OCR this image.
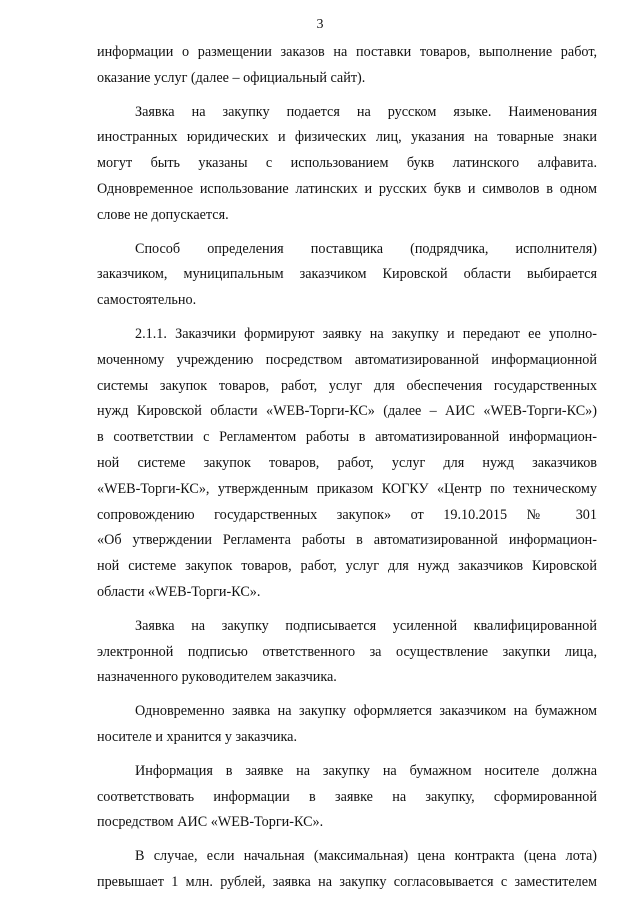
3
информации о размещении заказов на поставки товаров, выполнение работ,
оказание услуг (далее – официальный сайт).
Заявка на закупку подается на русском языке. Наименования
иностранных юридических и физических лиц, указания на товарные знаки
могут быть указаны с использованием букв латинского алфавита.
Одновременное использование латинских и русских букв и символов в одном
слове не допускается.
Способ определения поставщика (подрядчика, исполнителя)
заказчиком, муниципальным заказчиком Кировской области выбирается
самостоятельно.
2.1.1. Заказчики формируют заявку на закупку и передают ее уполно-
моченному учреждению посредством автоматизированной информационной
системы закупок товаров, работ, услуг для обеспечения государственных
нужд Кировской области «WEB-Торги-КС» (далее – АИС «WEB-Торги-КС»)
в соответствии с Регламентом работы в автоматизированной информацион-
ной системе закупок товаров, работ, услуг для нужд заказчиков
«WEB-Торги-КС», утвержденным приказом КОГКУ «Центр по техническому
сопровождению государственных закупок» от 19.10.2015 № 301
«Об утверждении Регламента работы в автоматизированной информацион-
ной системе закупок товаров, работ, услуг для нужд заказчиков Кировской
области «WEB-Торги-КС».
Заявка на закупку подписывается усиленной квалифицированной
электронной подписью ответственного за осуществление закупки лица,
назначенного руководителем заказчика.
Одновременно заявка на закупку оформляется заказчиком на бумажном
носителе и хранится у заказчика.
Информация в заявке на закупку на бумажном носителе должна
соответствовать информации в заявке на закупку, сформированной
посредством АИС «WEB-Торги-КС».
В случае, если начальная (максимальная) цена контракта (цена лота)
превышает 1 млн. рублей, заявка на закупку согласовывается с заместителем
